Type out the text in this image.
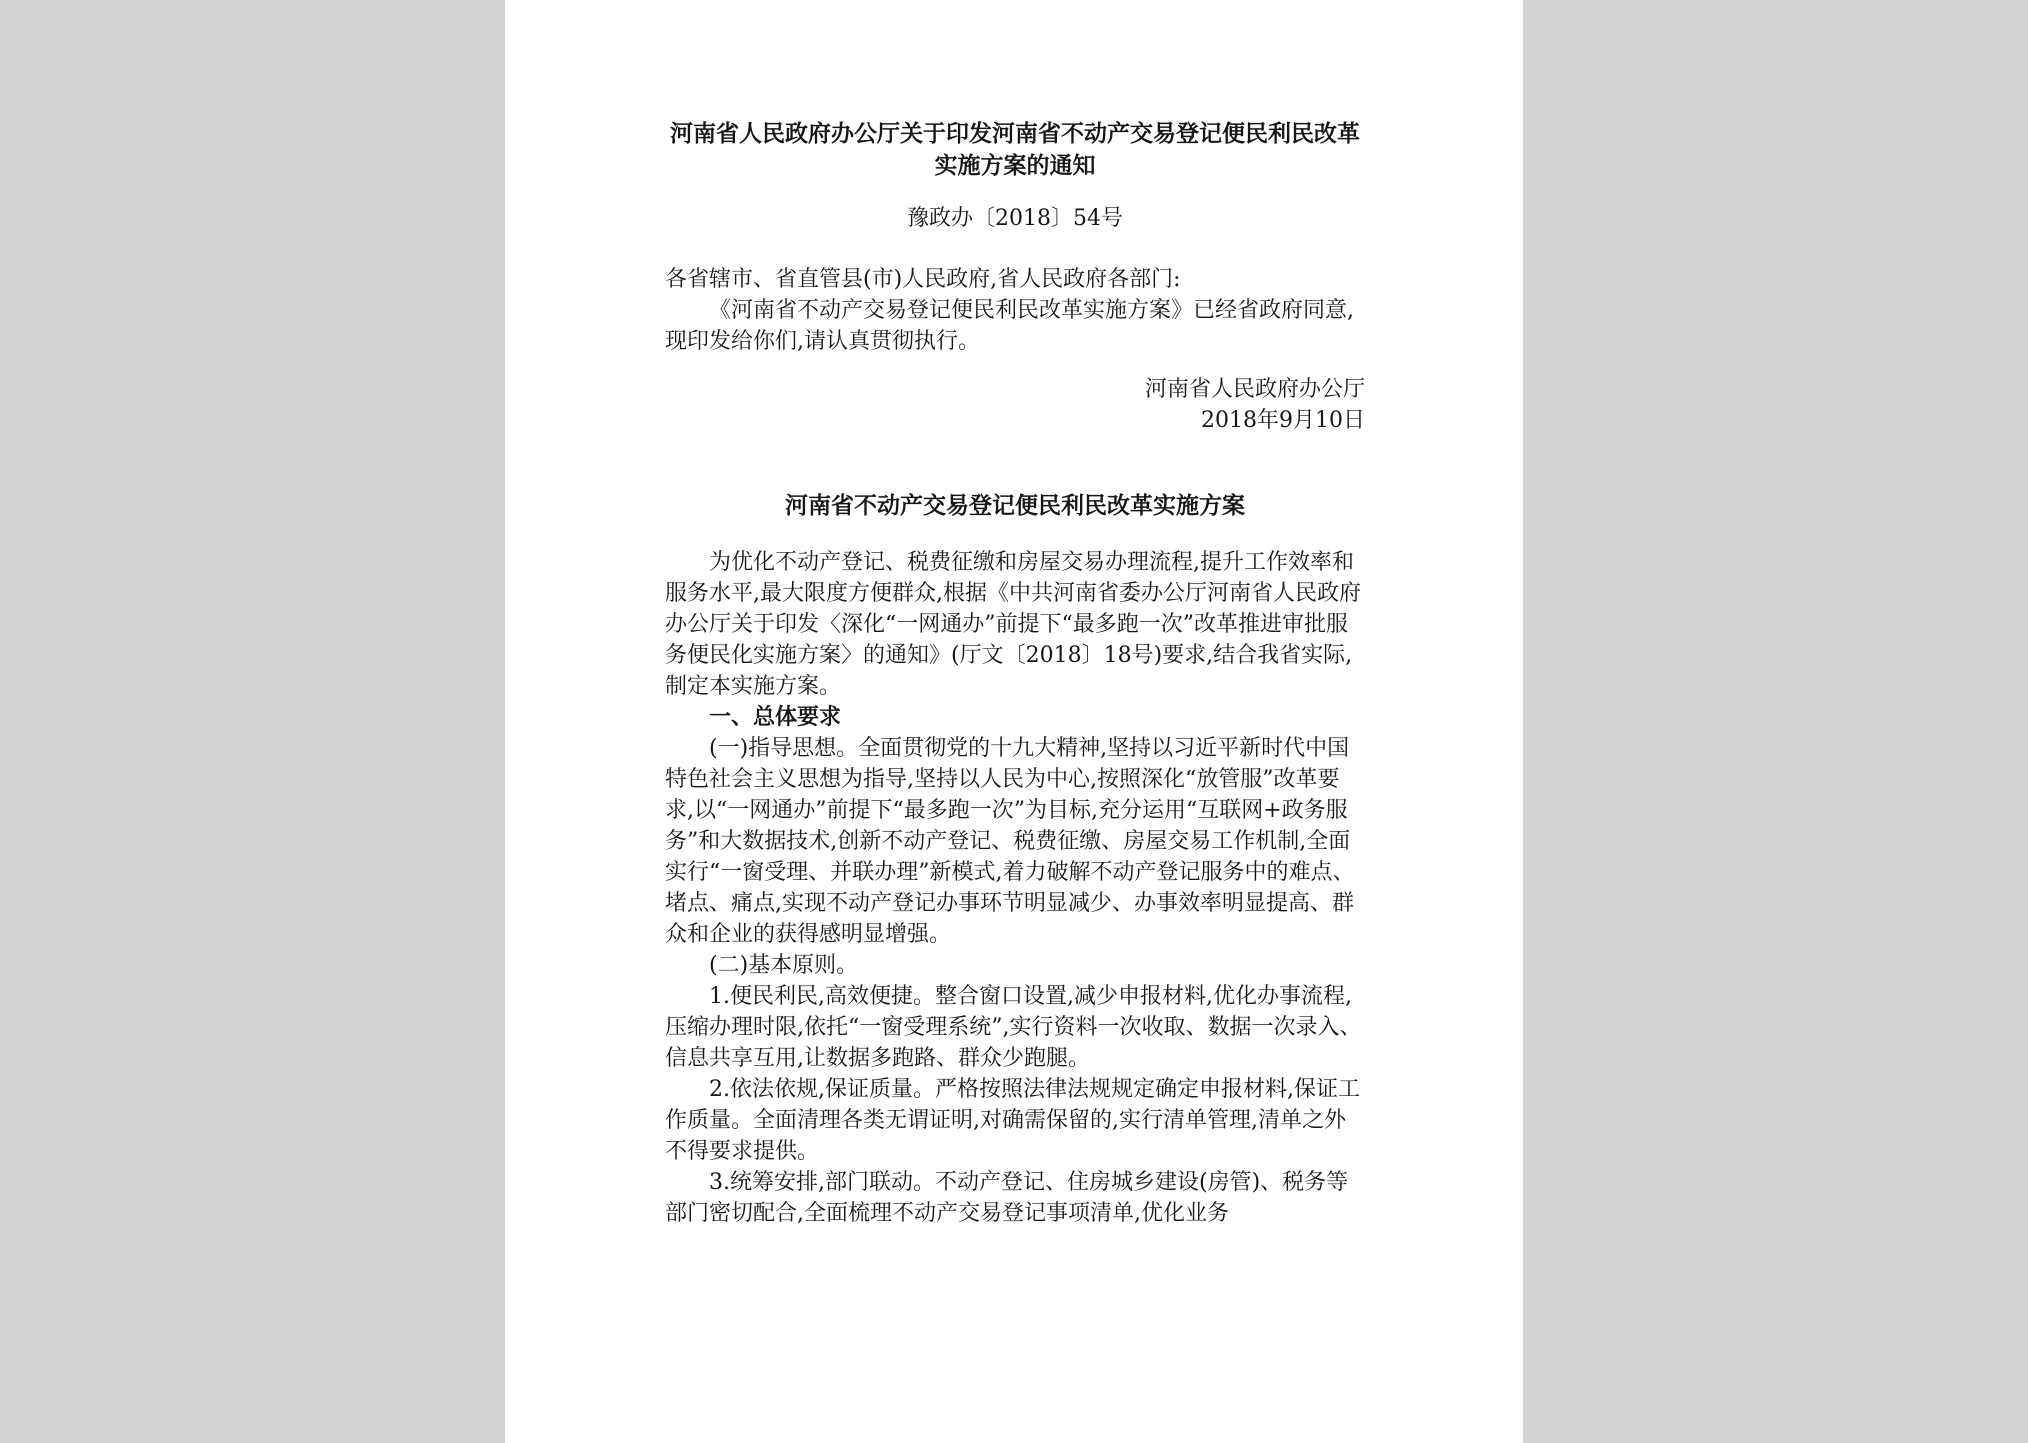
河南省人民政府办公厅关于印发河南省不动产交易登记便民利民改革实施方案的通知

豫政办〔2018〕54号

各省辖市、省直管县(市)人民政府,省人民政府各部门:

《河南省不动产交易登记便民利民改革实施方案》已经省政府同意,现印发给你们,请认真贯彻执行。

河南省人民政府办公厅

2018年9月10日

河南省不动产交易登记便民利民改革实施方案

为优化不动产登记、税费征缴和房屋交易办理流程,提升工作效率和服务水平,最大限度方便群众,根据《中共河南省委办公厅河南省人民政府办公厅关于印发〈深化“一网通办”前提下“最多跑一次”改革推进审批服务便民化实施方案〉的通知》(厅文〔2018〕18号)要求,结合我省实际,制定本实施方案。

一、总体要求

(一)指导思想。全面贯彻党的十九大精神,坚持以习近平新时代中国特色社会主义思想为指导,坚持以人民为中心,按照深化“放管服”改革要求,以“一网通办”前提下“最多跑一次”为目标,充分运用“互联网+政务服务”和大数据技术,创新不动产登记、税费征缴、房屋交易工作机制,全面实行“一窗受理、并联办理”新模式,着力破解不动产登记服务中的难点、堵点、痛点,实现不动产登记办事环节明显减少、办事效率明显提高、群众和企业的获得感明显增强。

(二)基本原则。

1.便民利民,高效便捷。整合窗口设置,减少申报材料,优化办事流程,压缩办理时限,依托“一窗受理系统”,实行资料一次收取、数据一次录入、信息共享互用,让数据多跑路、群众少跑腿。

2.依法依规,保证质量。严格按照法律法规规定确定申报材料,保证工作质量。全面清理各类无谓证明,对确需保留的,实行清单管理,清单之外不得要求提供。

3.统筹安排,部门联动。不动产登记、住房城乡建设(房管)、税务等部门密切配合,全面梳理不动产交易登记事项清单,优化业务
